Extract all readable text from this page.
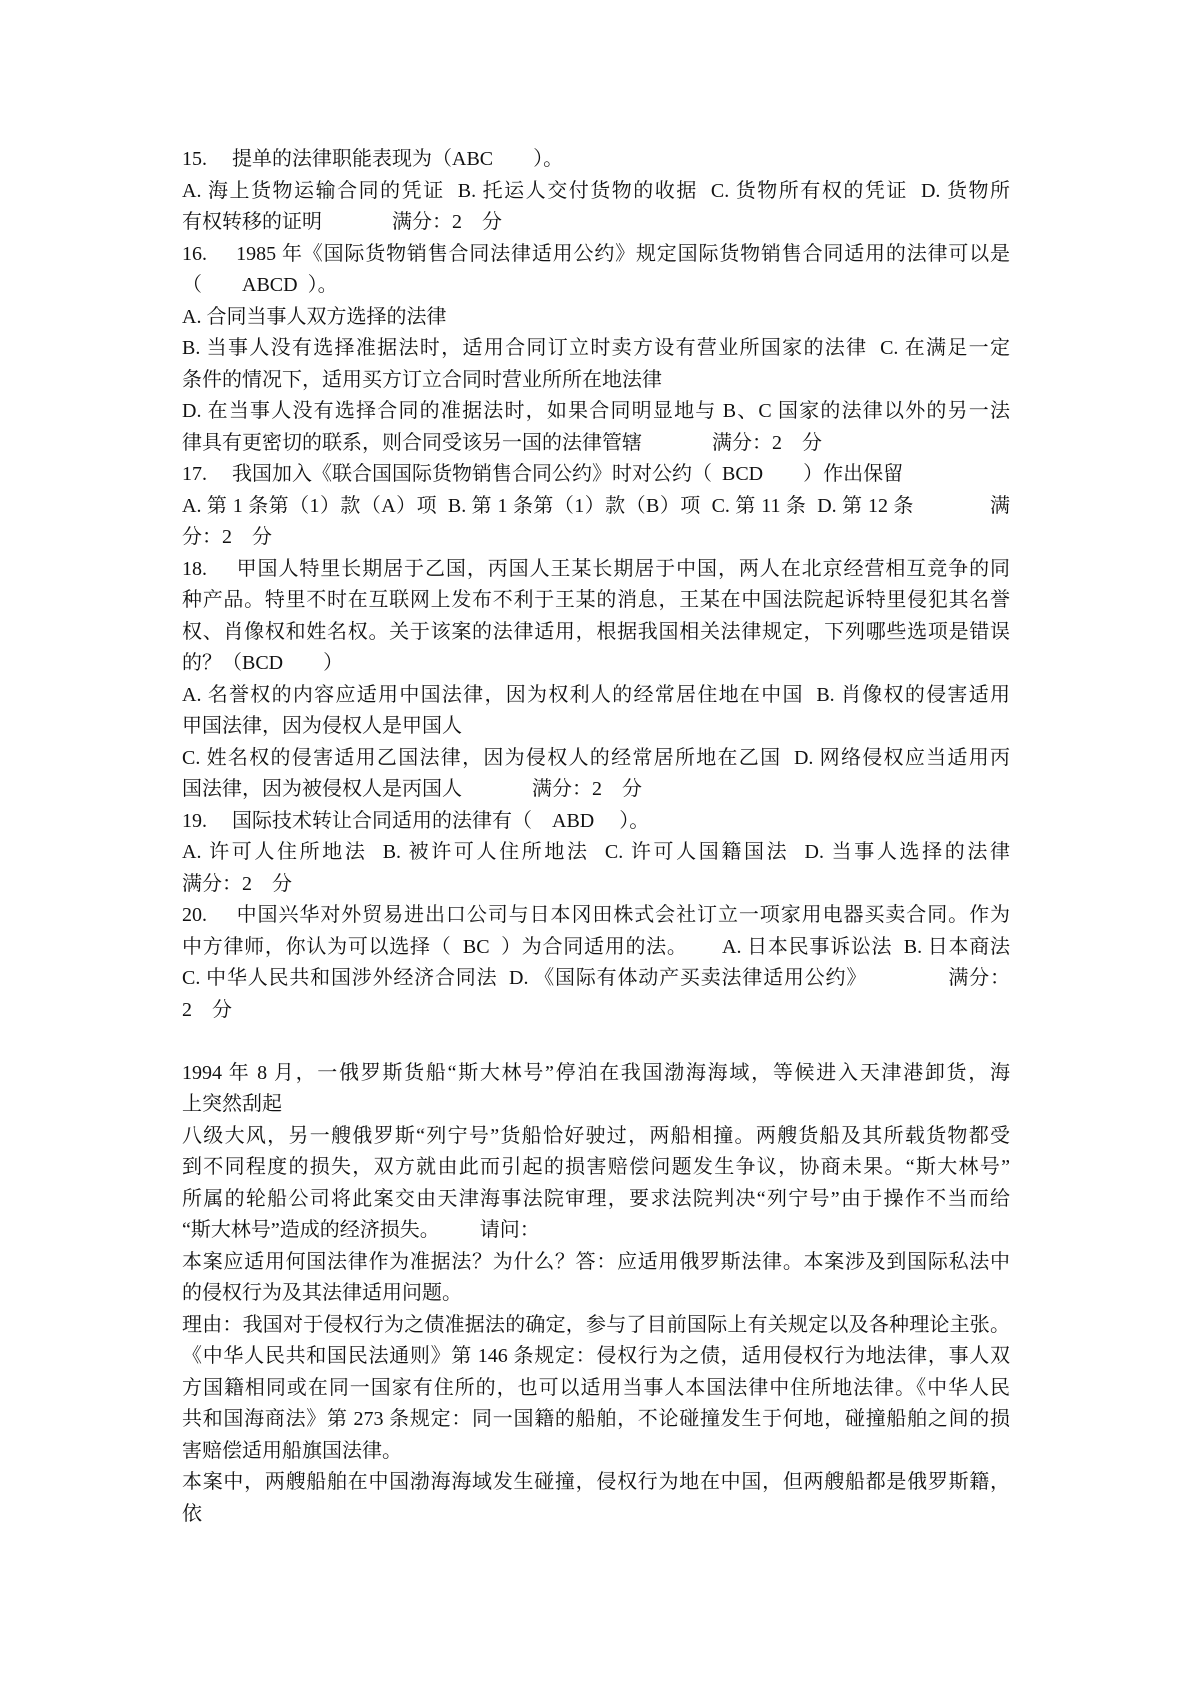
15.     提单的法律职能表现为（ABC        ）。
A. 海上货物运输合同的凭证  B. 托运人交付货物的收据  C. 货物所有权的凭证  D. 货物所
有权转移的证明              满分：2    分
16.     1985 年《国际货物销售合同法律适用公约》规定国际货物销售合同适用的法律可以是
（        ABCD  ）。
A. 合同当事人双方选择的法律
B. 当事人没有选择准据法时，适用合同订立时卖方设有营业所国家的法律  C. 在满足一定
条件的情况下，适用买方订立合同时营业所所在地法律
D. 在当事人没有选择合同的准据法时，如果合同明显地与 B、C 国家的法律以外的另一法
律具有更密切的联系，则合同受该另一国的法律管辖              满分：2    分
17.     我国加入《联合国国际货物销售合同公约》时对公约（  BCD        ）作出保留
A. 第 1 条第（1）款（A）项  B. 第 1 条第（1）款（B）项  C. 第 11 条  D. 第 12 条              满
分：2    分
18.     甲国人特里长期居于乙国，丙国人王某长期居于中国，两人在北京经营相互竞争的同
种产品。特里不时在互联网上发布不利于王某的消息，王某在中国法院起诉特里侵犯其名誉
权、肖像权和姓名权。关于该案的法律适用，根据我国相关法律规定，下列哪些选项是错误
的？（BCD        ）
A. 名誉权的内容应适用中国法律，因为权利人的经常居住地在中国  B. 肖像权的侵害适用
甲国法律，因为侵权人是甲国人
C. 姓名权的侵害适用乙国法律，因为侵权人的经常居所地在乙国  D. 网络侵权应当适用丙
国法律，因为被侵权人是丙国人              满分：2    分
19.     国际技术转让合同适用的法律有（    ABD     ）。
A. 许可人住所地法  B. 被许可人住所地法  C. 许可人国籍国法  D. 当事人选择的法律
满分：2    分
20.     中国兴华对外贸易进出口公司与日本冈田株式会社订立一项家用电器买卖合同。作为
中方律师，你认为可以选择（  BC  ）为合同适用的法。      A. 日本民事诉讼法  B. 日本商法
C. 中华人民共和国涉外经济合同法  D. 《国际有体动产买卖法律适用公约》              满分：
2    分
1994 年 8 月，一俄罗斯货船“斯大林号”停泊在我国渤海海域，等候进入天津港卸货，海
上突然刮起
八级大风，另一艘俄罗斯“列宁号”货船恰好驶过，两船相撞。两艘货船及其所载货物都受
到不同程度的损失，双方就由此而引起的损害赔偿问题发生争议，协商未果。“斯大林号”
所属的轮船公司将此案交由天津海事法院审理，要求法院判决“列宁号”由于操作不当而给
“斯大林号”造成的经济损失。        请问：
本案应适用何国法律作为准据法？为什么？答：应适用俄罗斯法律。本案涉及到国际私法中
的侵权行为及其法律适用问题。
理由：我国对于侵权行为之债准据法的确定，参与了目前国际上有关规定以及各种理论主张。
《中华人民共和国民法通则》第 146 条规定：侵权行为之债，适用侵权行为地法律，事人双
方国籍相同或在同一国家有住所的，也可以适用当事人本国法律中住所地法律。《中华人民
共和国海商法》第 273 条规定：同一国籍的船舶，不论碰撞发生于何地，碰撞船舶之间的损
害赔偿适用船旗国法律。
本案中，两艘船舶在中国渤海海域发生碰撞，侵权行为地在中国，但两艘船都是俄罗斯籍，
依
